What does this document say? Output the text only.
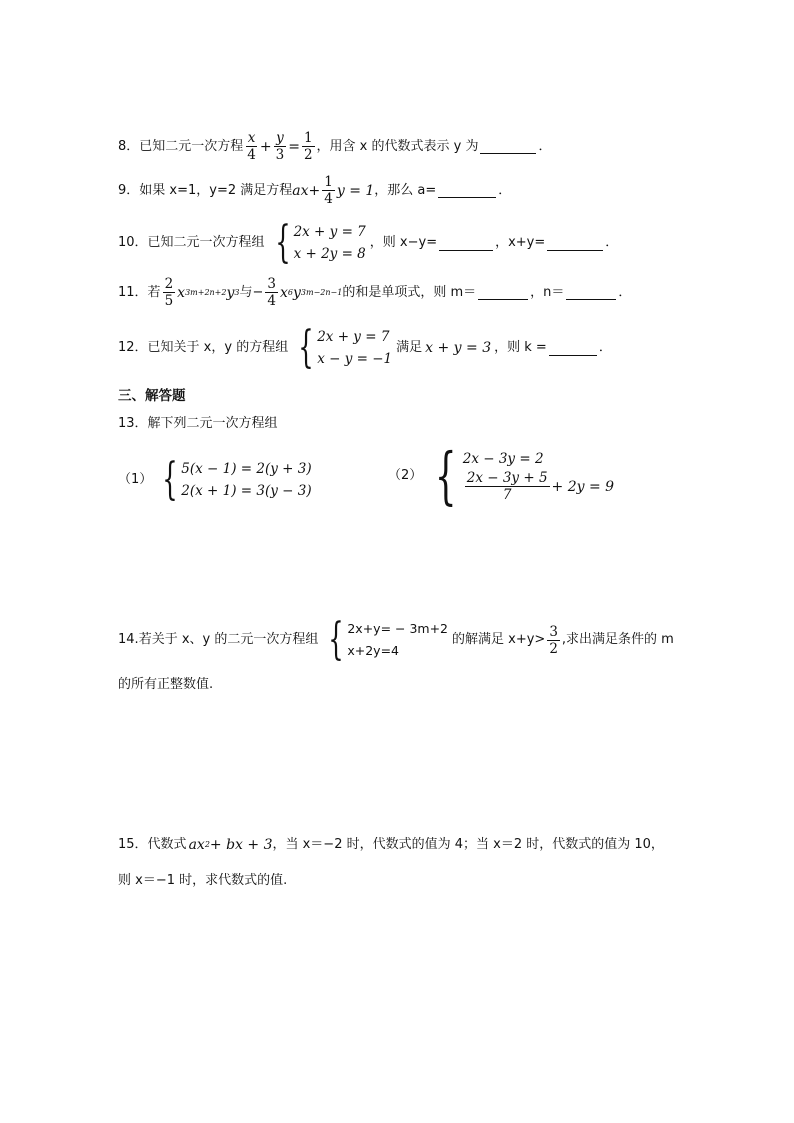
8． 已知二元一次方程 $\frac{x}{4} + \frac{y}{3} = \frac{1}{2}$ ，用含 x 的代数式表示 y 为	．
9． 如果 x=1，y=2 满足方程 $ax+ \frac{1}{4}$ y = 1 ，那么 a=	．
10． 已知二元一次方程组 { 2x + y = 7
x + 2y = 8
，则 x−y=	，x+y=	．
11． 若 $\frac{2}{5}$ x 3m+2n+2 y 3 与− $\frac{3}{4}$ x 6 y 3m−2n−1 的和是单项式，则 m＝	，n＝	．
12． 已知关于 x，y 的方程组 { 2x + y = 7
x − y = −1
满足 x + y = 3 ，则 k =	．
三、解答题
13． 解下列二元一次方程组
（1） { 5(x − 1) = 2(y + 3)
2(x + 1) = 3(y − 3)
（2） { 2x − 3y = 2
$\frac{2x - 3y + 5}{7} + 2y = 9$
14. 若关于 x、y 的二元一次方程组 { 2x+y= − 3m+2
x+2y=4
的解满足 $x+y> \frac{3}{2}$ ,求出满足条件的 m
的所有正整数值.
15． 代数式 ax 2 + bx + 3 ，当 x＝−2 时，代数式的值为 4；当 x＝2 时，代数式的值为 10，
则 x＝−1 时，求代数式的值.
